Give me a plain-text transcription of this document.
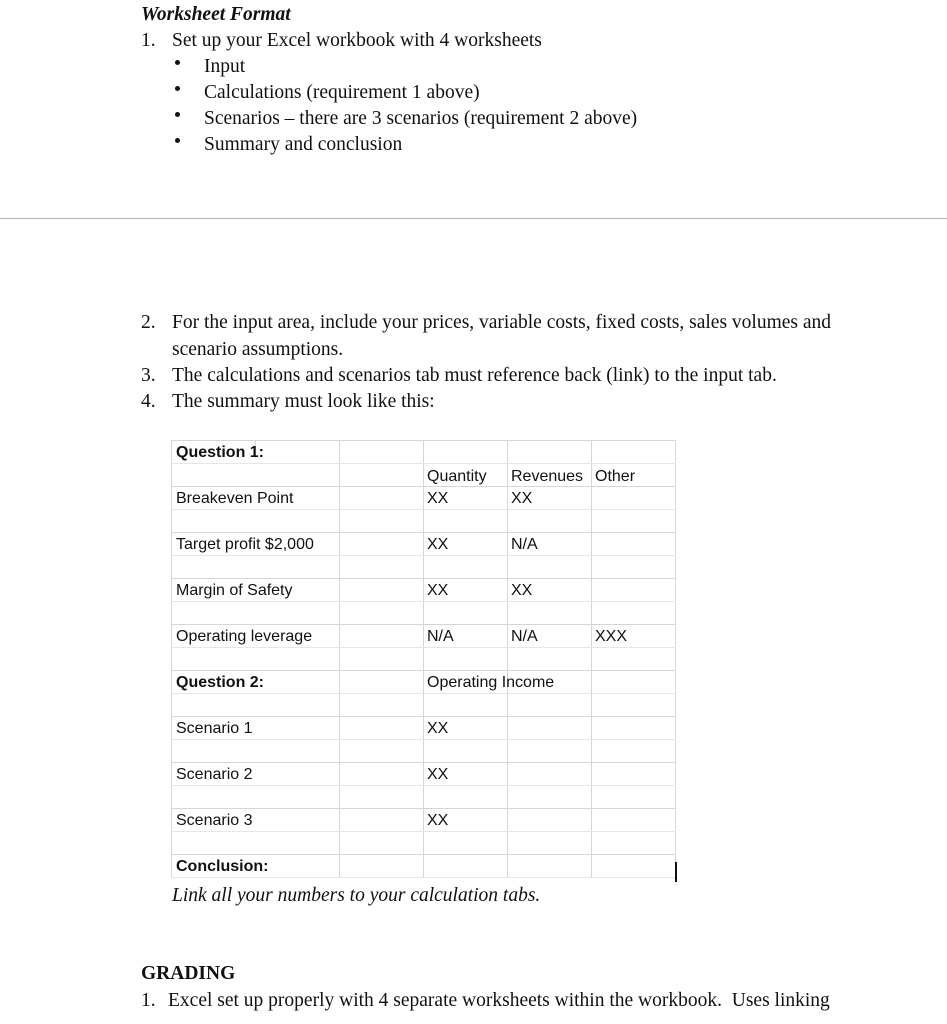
Worksheet Format
1. Set up your Excel workbook with 4 worksheets
Input
Calculations (requirement 1 above)
Scenarios – there are 3 scenarios (requirement 2 above)
Summary and conclusion
2. For the input area, include your prices, variable costs, fixed costs, sales volumes and
scenario assumptions.
3. The calculations and scenarios tab must reference back (link) to the input tab.
4. The summary must look like this:
Question 1:
Quantity Revenues Other
Breakeven Point	XX	XX
Target profit $2,000	XX	N/A
Margin of Safety	XX	XX
Operating leverage	N/A	N/A	XXX
Question 2:	Operating Income
Scenario 1	XX
Scenario 2	XX
Scenario 3	XX
Conclusion:
Link all your numbers to your calculation tabs.
GRADING
1. Excel set up properly with 4 separate worksheets within the workbook.  Uses linking
